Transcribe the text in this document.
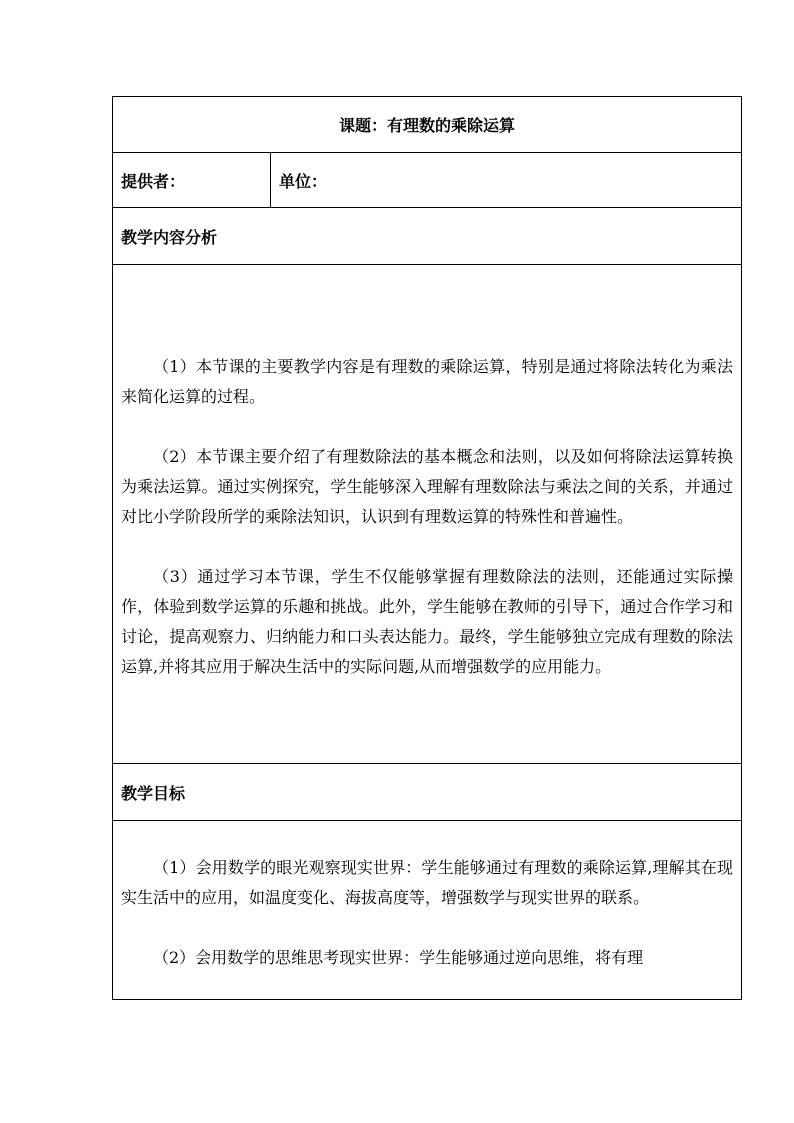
课题：有理数的乘除运算
提供者：	单位：
教学内容分析

（1）本节课的主要教学内容是有理数的乘除运算，特别是通过将除法转化为乘法来简化运算的过程。

（2）本节课主要介绍了有理数除法的基本概念和法则，以及如何将除法运算转换为乘法运算。通过实例探究，学生能够深入理解有理数除法与乘法之间的关系，并通过对比小学阶段所学的乘除法知识，认识到有理数运算的特殊性和普遍性。

（3）通过学习本节课，学生不仅能够掌握有理数除法的法则，还能通过实际操作，体验到数学运算的乐趣和挑战。此外，学生能够在教师的引导下，通过合作学习和讨论，提高观察力、归纳能力和口头表达能力。最终，学生能够独立完成有理数的除法运算,并将其应用于解决生活中的实际问题,从而增强数学的应用能力。

教学目标

（1）会用数学的眼光观察现实世界：学生能够通过有理数的乘除运算,理解其在现实生活中的应用，如温度变化、海拔高度等，增强数学与现实世界的联系。

（2）会用数学的思维思考现实世界：学生能够通过逆向思维，将有理
